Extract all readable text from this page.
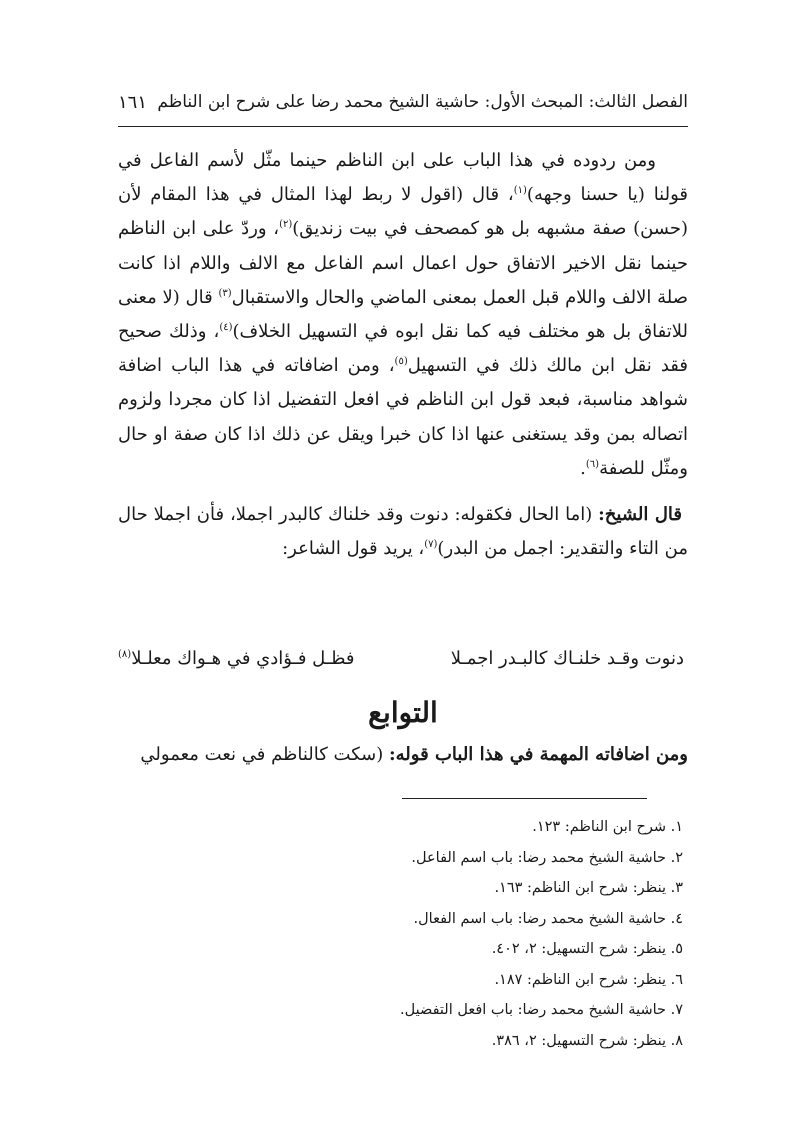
الفصل الثالث: المبحث الأول: حاشية الشيخ محمد رضا على شرح ابن الناظم
١٦١

ومن ردوده في هذا الباب على ابن الناظم حينما مثّل لأسم الفاعل في قولنا (يا حسنا وجهه)$^{(١)}$، قال (اقول لا ربط لهذا المثال في هذا المقام لأن (حسن) صفة مشبهه بل هو كمصحف في بيت زنديق)$^{(٢)}$، وردّ على ابن الناظم حينما نقل الاخير الاتفاق حول اعمال اسم الفاعل مع الالف واللام اذا كانت صلة الالف واللام قبل العمل بمعنى الماضي والحال والاستقبال$^{(٣)}$ قال (لا معنى للاتفاق بل هو مختلف فيه كما نقل ابوه في التسهيل الخلاف)$^{(٤)}$، وذلك صحيح فقد نقل ابن مالك ذلك في التسهيل$^{(٥)}$، ومن اضافاته في هذا الباب اضافة شواهد مناسبة، فبعد قول ابن الناظم في افعل التفضيل اذا كان مجردا ولزوم اتصاله بمن وقد يستغنى عنها اذا كان خبرا ويقل عن ذلك اذا كان صفة او حال ومثّل للصفة$^{(٦)}$.

قال الشيخ: (اما الحال فكقوله: دنوت وقد خلناك كالبدر اجملا، فأن اجملا حال من التاء والتقدير: اجمل من البدر)$^{(٧)}$، يريد قول الشاعر:

دنوت وقـد خلنـاك كالبـدر اجمـلا
فظـل فـؤادي في هـواك معلـلا$^{(٨)}$
التوابع
ومن اضافاته المهمة في هذا الباب قوله: (سكت كالناظم في نعت معمولي
١. شرح ابن الناظم: ١٢٣.
٢. حاشية الشيخ محمد رضا: باب اسم الفاعل.
٣. ينظر: شرح ابن الناظم: ١٦٣.
٤. حاشية الشيخ محمد رضا: باب اسم الفعال.
٥. ينظر: شرح التسهيل: ٢، ٤٠٢.
٦. ينظر: شرح ابن الناظم: ١٨٧.
٧. حاشية الشيخ محمد رضا: باب افعل التفضيل.
٨. ينظر: شرح التسهيل: ٢، ٣٨٦.
